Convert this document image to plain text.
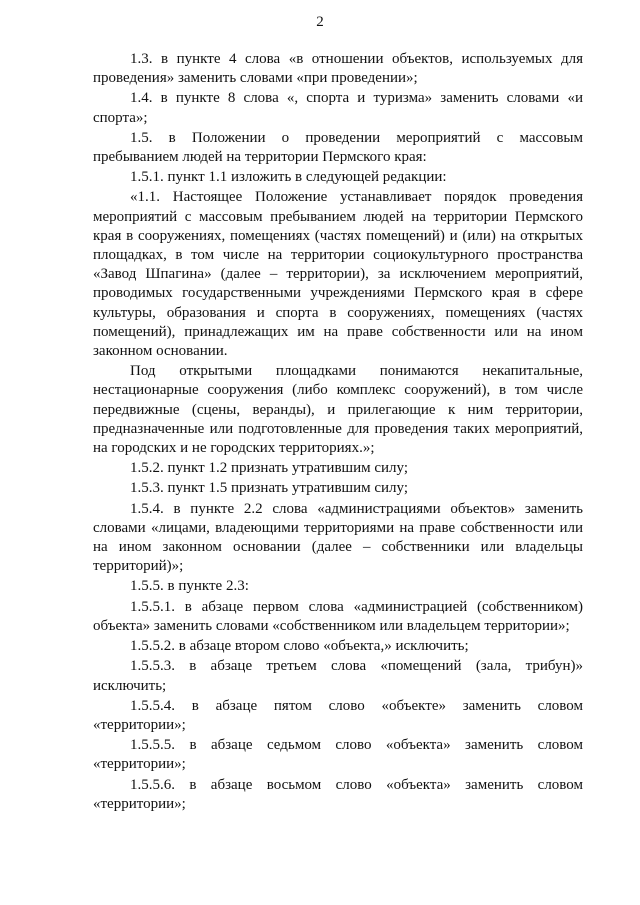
2

1.3. в пункте 4 слова «в отношении объектов, используемых для проведения» заменить словами «при проведении»;

1.4. в пункте 8 слова «, спорта и туризма» заменить словами «и спорта»;

1.5. в Положении о проведении мероприятий с массовым пребыванием людей на территории Пермского края:

1.5.1. пункт 1.1 изложить в следующей редакции:

«1.1. Настоящее Положение устанавливает порядок проведения мероприятий с массовым пребыванием людей на территории Пермского края в сооружениях, помещениях (частях помещений) и (или) на открытых площадках, в том числе на территории социокультурного пространства «Завод Шпагина» (далее – территории), за исключением мероприятий, проводимых государственными учреждениями Пермского края в сфере культуры, образования и спорта в сооружениях, помещениях (частях помещений), принадлежащих им на праве собственности или на ином законном основании.

Под открытыми площадками понимаются некапитальные, нестационарные сооружения (либо комплекс сооружений), в том числе передвижные (сцены, веранды), и прилегающие к ним территории, предназначенные или подготовленные для проведения таких мероприятий, на городских и не городских территориях.»;

1.5.2. пункт 1.2 признать утратившим силу;

1.5.3. пункт 1.5 признать утратившим силу;

1.5.4. в пункте 2.2 слова «администрациями объектов» заменить словами «лицами, владеющими территориями на праве собственности или на ином законном основании (далее – собственники или владельцы территорий)»;

1.5.5. в пункте 2.3:

1.5.5.1. в абзаце первом слова «администрацией (собственником) объекта» заменить словами «собственником или владельцем территории»;

1.5.5.2. в абзаце втором слово «объекта,» исключить;

1.5.5.3. в абзаце третьем слова «помещений (зала, трибун)» исключить;

1.5.5.4. в абзаце пятом слово «объекте» заменить словом «территории»;

1.5.5.5. в абзаце седьмом слово «объекта» заменить словом «территории»;

1.5.5.6. в абзаце восьмом слово «объекта» заменить словом «территории»;
